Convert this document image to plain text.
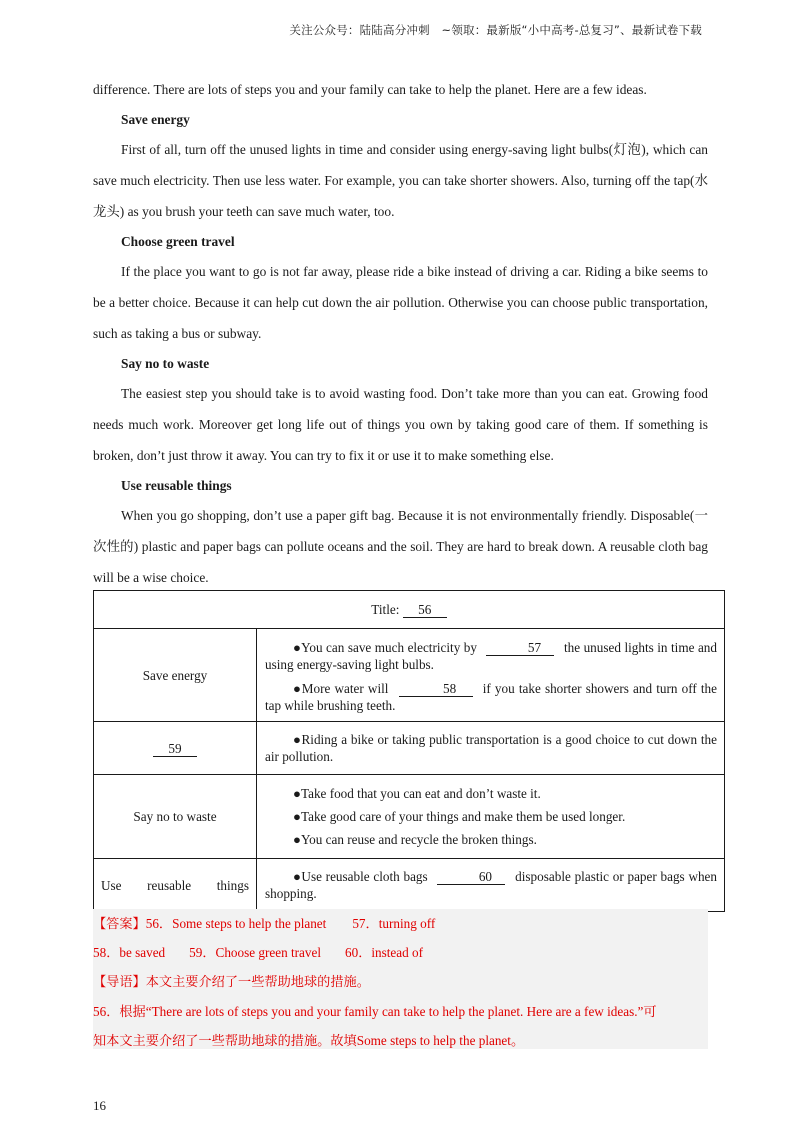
关注公众号：陆陆高分冲刺　~领取：最新版“小中高考-总复习”、最新试卷下载

difference. There are lots of steps you and your family can take to help the planet. Here are a few ideas.

Save energy

First of all, turn off the unused lights in time and consider using energy-saving light bulbs(灯泡), which can save much electricity. Then use less water. For example, you can take shorter showers. Also, turning off the tap(水龙头) as you brush your teeth can save much water, too.

Choose green travel

If the place you want to go is not far away, please ride a bike instead of driving a car. Riding a bike seems to be a better choice. Because it can help cut down the air pollution. Otherwise you can choose public transportation, such as taking a bus or subway.

Say no to waste

The easiest step you should take is to avoid wasting food. Don’t take more than you can eat. Growing food needs much work. Moreover get long life out of things you own by taking good care of them. If something is broken, don’t just throw it away. You can try to fix it or use it to make something else.

Use reusable things

When you go shopping, don’t use a paper gift bag. Because it is not environmentally friendly. Disposable(一次性的) plastic and paper bags can pollute oceans and the soil. They are hard to break down. A reusable cloth bag will be a wise choice.

Title: 56	
Save energy	●You can save much electricity by 57 the unused lights in time and using energy-saving light bulbs.
●More water will 58 if you take shorter showers and turn off the tap while brushing teeth.

59	●Riding a bike or taking public transportation is a good choice to cut down the air pollution.

Say no to waste	●Take food that you can eat and don’t waste it.
●Take good care of your things and make them be used longer.
●You can reuse and recycle the broken things.

Use reusable things	●Use reusable cloth bags 60 disposable plastic or paper bags when shopping.
【答案】56．Some steps to help the planet 57．turning off
58．be saved 59．Choose green travel 60．instead of
【导语】本文主要介绍了一些帮助地球的措施。
56．根据“There are lots of steps you and your family can take to help the planet. Here are a few ideas.”可
知本文主要介绍了一些帮助地球的措施。故填Some steps to help the planet。
16
